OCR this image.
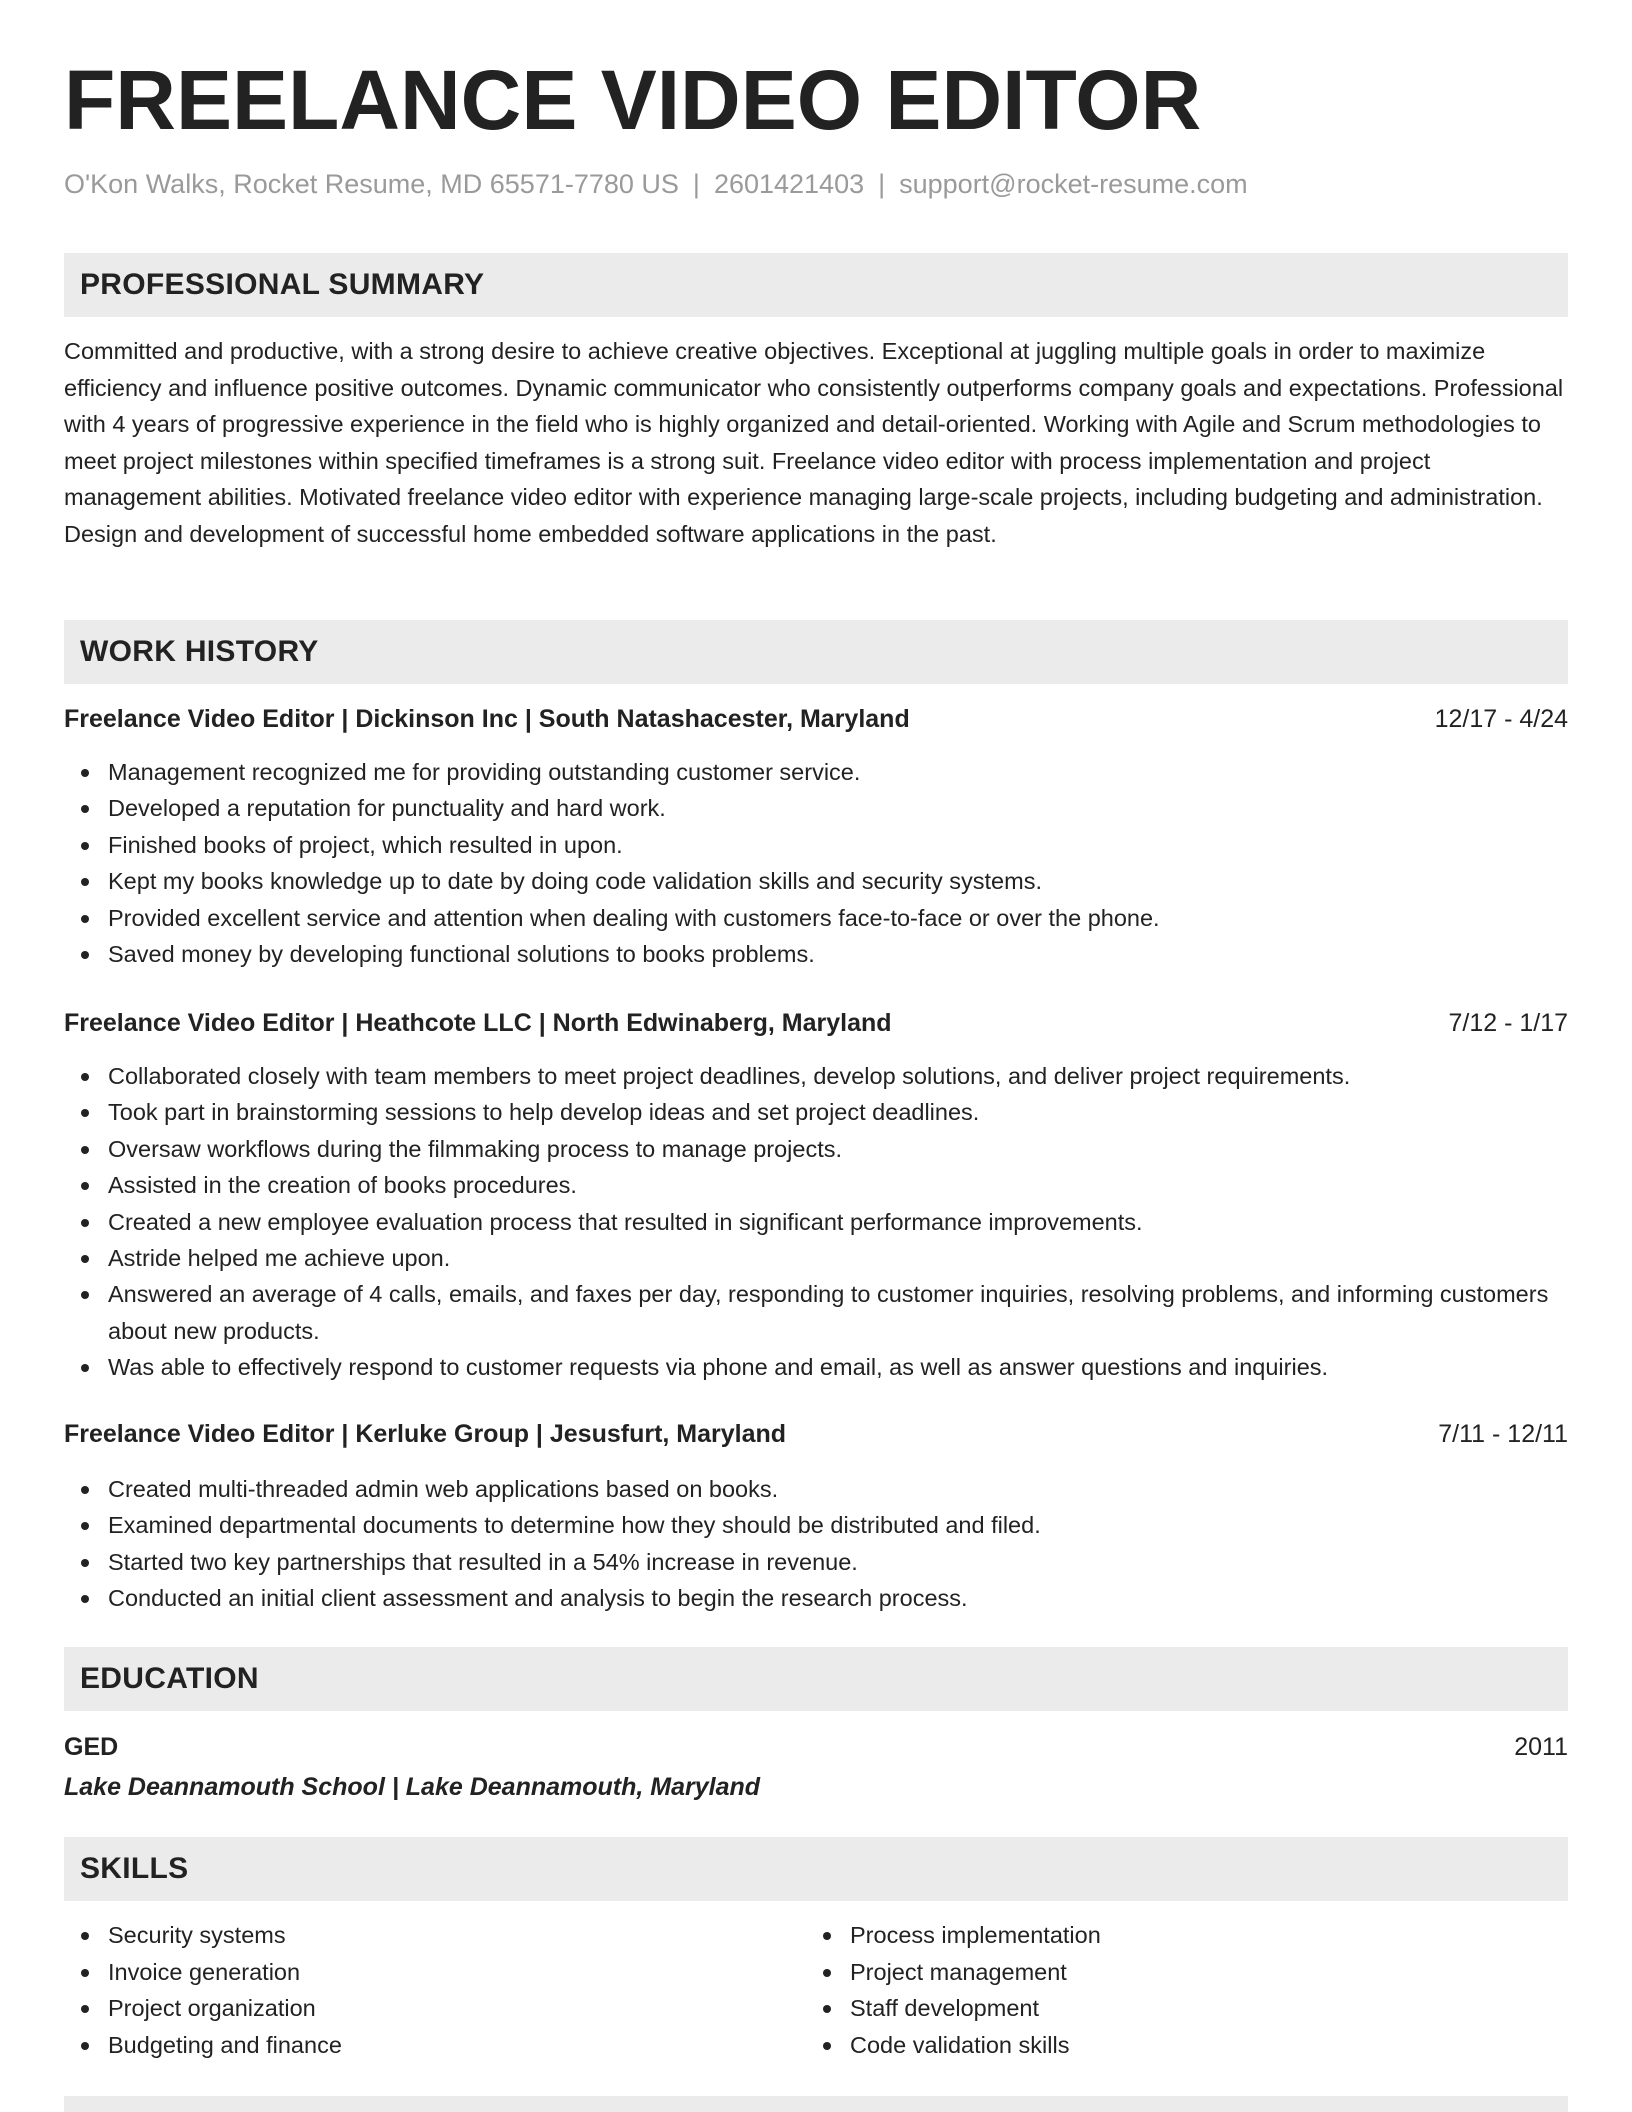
FREELANCE VIDEO EDITOR
O'Kon Walks, Rocket Resume, MD 65571-7780 US | 2601421403 | support@rocket-resume.com
PROFESSIONAL SUMMARY

Committed and productive, with a strong desire to achieve creative objectives. Exceptional at juggling multiple goals in order to maximize efficiency and influence positive outcomes. Dynamic communicator who consistently outperforms company goals and expectations. Professional with 4 years of progressive experience in the field who is highly organized and detail-oriented. Working with Agile and Scrum methodologies to meet project milestones within specified timeframes is a strong suit. Freelance video editor with process implementation and project management abilities. Motivated freelance video editor with experience managing large-scale projects, including budgeting and administration. Design and development of successful home embedded software applications in the past.

WORK HISTORY
Freelance Video Editor | Dickinson Inc | South Natashacester, Maryland	12/17 - 4/24
Management recognized me for providing outstanding customer service.
Developed a reputation for punctuality and hard work.
Finished books of project, which resulted in upon.
Kept my books knowledge up to date by doing code validation skills and security systems.
Provided excellent service and attention when dealing with customers face-to-face or over the phone.
Saved money by developing functional solutions to books problems.
Freelance Video Editor | Heathcote LLC | North Edwinaberg, Maryland	7/12 - 1/17
Collaborated closely with team members to meet project deadlines, develop solutions, and deliver project requirements.
Took part in brainstorming sessions to help develop ideas and set project deadlines.
Oversaw workflows during the filmmaking process to manage projects.
Assisted in the creation of books procedures.
Created a new employee evaluation process that resulted in significant performance improvements.
Astride helped me achieve upon.
Answered an average of 4 calls, emails, and faxes per day, responding to customer inquiries, resolving problems, and informing customers about new products.
Was able to effectively respond to customer requests via phone and email, as well as answer questions and inquiries.
Freelance Video Editor | Kerluke Group | Jesusfurt, Maryland	7/11 - 12/11
Created multi-threaded admin web applications based on books.
Examined departmental documents to determine how they should be distributed and filed.
Started two key partnerships that resulted in a 54% increase in revenue.
Conducted an initial client assessment and analysis to begin the research process.
EDUCATION
GED	2011
Lake Deannamouth School | Lake Deannamouth, Maryland
SKILLS
Security systems
Invoice generation
Project organization
Budgeting and finance
Process implementation
Project management
Staff development
Code validation skills
